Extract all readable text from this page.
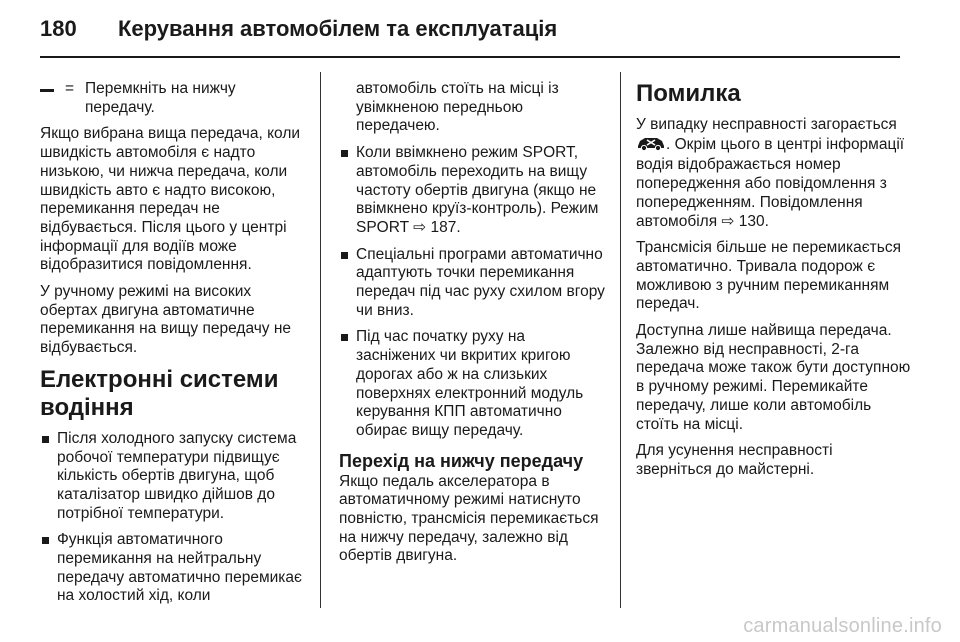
180 Керування автомобілем та експлуатація
= Перемкніть на нижчу передачу.

Якщо вибрана вища передача, коли швидкість автомобіля є надто низькою, чи нижча передача, коли швидкість авто є надто високою, перемикання передач не відбувається. Після цього у центрі інформації для водіїв може відобразитися повідомлення.

У ручному режимі на високих обертах двигуна автоматичне перемикання на вищу передачу не відбувається.

Електронні системи водіння
Після холодного запуску система робочої температури підвищує кількість обертів двигуна, щоб каталізатор швидко дійшов до потрібної температури.
Функція автоматичного перемикання на нейтральну передачу автоматично перемикає на холостий хід, коли

автомобіль стоїть на місці із увімкненою передньою передачею.

Коли ввімкнено режим SPORT, автомобіль переходить на вищу частоту обертів двигуна (якщо не ввімкнено круїз-контроль). Режим SPORT ⇨ 187.
Спеціальні програми автоматично адаптують точки перемикання передач під час руху схилом вгору чи вниз.
Під час початку руху на засніжених чи вкритих кригою дорогах або ж на слизьких поверхнях електронний модуль керування КПП автоматично обирає вищу передачу.
Перехід на нижчу передачу

Якщо педаль акселератора в автоматичному режимі натиснуто повністю, трансмісія перемикається на нижчу передачу, залежно від обертів двигуна.

Помилка

У випадку несправності загорається . Окрім цього в центрі інформації водія відображається номер попередження або повідомлення з попередженням. Повідомлення автомобіля ⇨ 130.

Трансмісія більше не перемикається автоматично. Тривала подорож є можливою з ручним перемиканням передач.

Доступна лише найвища передача. Залежно від несправності, 2-га передача може також бути доступною в ручному режимі. Перемикайте передачу, лише коли автомобіль стоїть на місці.

Для усунення несправності зверніться до майстерні.

carmanualsonline.info
